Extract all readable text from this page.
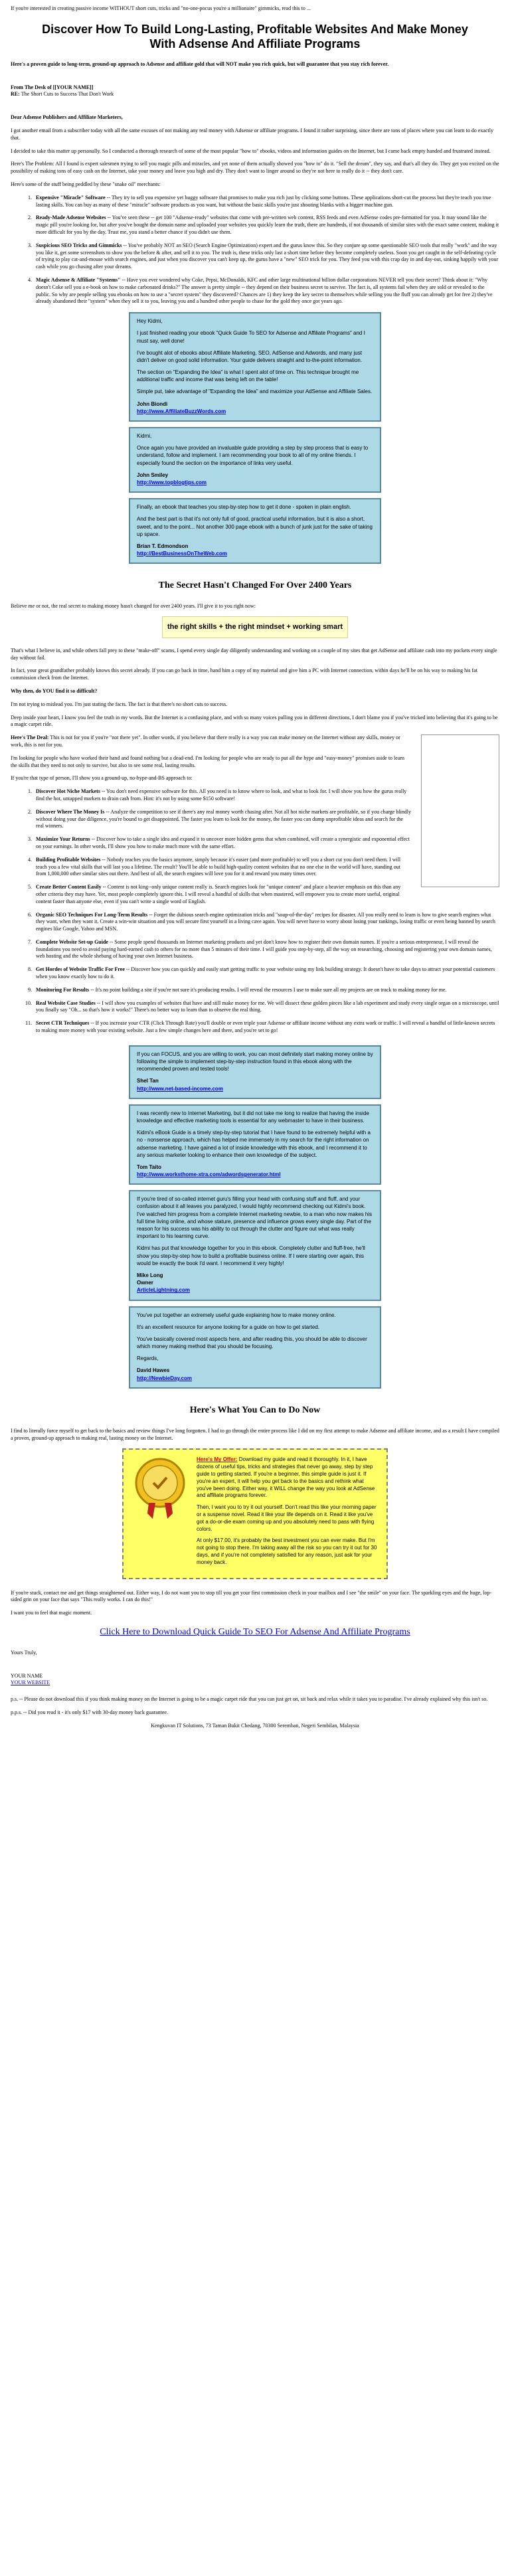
If you're interested in creating passive income WITHOUT short cuts, tricks and "no-one-pocus you're a millionaire" gimmicks, read this to ...

Discover How To Build Long-Lasting, Profitable Websites And Make Money With Adsense And Affiliate Programs

Here's a proven guide to long-term, ground-up approach to Adsense and affiliate gold that will NOT make you rich quick, but will guarantee that you stay rich forever.

From The Desk of [[YOUR NAME]]
RE: The Short Cuts to Success That Don't Work

Dear Adsense Publishers and Affiliate Marketers,

I got another email from a subscriber today with all the same excuses of not making any real money with Adsense or affiliate programs. I found it rather surprising, since there are tons of places where you can learn to do exactly that.

I decided to take this matter up personally. So I conducted a thorough research of some of the most popular "how to" ebooks, videos and information guides on the Internet, but I came back empty handed and frustrated instead.

Here's The Problem: All I found is expert salesmen trying to sell you magic pills and miracles, and yet none of them actually showed you "how to" do it. "Sell the dream", they say, and that's all they do. They get you excited on the possibility of making tons of easy cash on the Internet, take your money and leave you high and dry. They don't want to linger around so they're not here to really do it -- they don't care.

Here's some of the stuff being peddled by these "snake oil" merchants:

1. Expensive "Miracle" Software -- They try to sell you expensive yet buggy software that promises to make you rich just by clicking some buttons. These applications short-cut the process but they're teach you true lasting skills. You can buy as many of these "miracle" software products as you want, but without the basic skills you're just shooting blanks with a bigger machine gun.
2. Ready-Made Adsense Websites -- You've seen these -- get 100 "Adsense-ready" websites that come with pre-written web content, RSS feeds and even AdSense codes pre-formatted for you. It may sound like the magic pill you're looking for, but after you've bought the domain name and uploaded your websites you quickly learn the truth, there are hundreds, if not thousands of similar sites with the exact same content, making it more difficult for you by the day. Trust me, you stand a better chance if you didn't use them.
3. Suspicious SEO Tricks and Gimmicks -- You've probably NOT an SEO (Search Engine Optimization) expert and the gurus know this. So they conjure up some questionable SEO tools that really "work" and the way you like it, get some screenshots to show you the before & after, and sell it to you. The truth is, these tricks only last a short time before they become completely useless. Soon you get caught in the self-defeating cycle of trying to play cat-and-mouse with search engines, and just when you discover you can't keep up, the gurus have a "new" SEO trick for you. They feed you with this crap day in and day-out, sinking happily with your cash while you go chasing after your dreams.
4. Magic Adsense & Affiliate "Systems" -- Have you ever wondered why Coke, Pepsi, McDonalds, KFC and other large multinational billion dollar corporations NEVER tell you their secret? Think about it: "Why doesn't Coke sell you a e-book on how to make carbonated drinks?" The answer is pretty simple -- they depend on their business secret to survive. The fact is, all systems fail when they are sold or revealed to the public. So why are people selling you ebooks on how to use a "secret system" they discovered? Chances are 1) they keep the key secret to themselves while selling you the fluff you can already get for free 2) they've already abandoned their "system" when they sell it to you, leaving you and a hundred other people to chase for the gold they once got years ago.

Hey Kidmi,

I just finished reading your ebook "Quick Guide To SEO for Adsense and Affiliate Programs" and I must say, well done!

I've bought alot of ebooks about Affiliate Marketing, SEO, AdSense and Adwords, and many just didn't deliver on good solid information. Your guide delivers straight and to-the-point information.

The section on "Expanding the Idea" is what I spent alot of time on. This technique brought me additional traffic and income that was being left on the table!

Simple put, take advantage of "Expanding the Idea" and maximize your AdSense and Affiliate Sales.

John Biondi

http://www.AffiliateBuzzWords.com

Kidmi,

Once again you have provided an invaluable guide providing a step by step process that is easy to understand, follow and implement. I am recommending your book to all of my online friends. I especially found the section on the importance of links very useful.

John Smiley

http://www.topblogtips.com

Finally, an ebook that teaches you step-by-step how to get it done - spoken in plain english.

And the best part is that it's not only full of good, practical useful information, but it is also a short, sweet, and to the point... Not another 300 page ebook with a bunch of junk just for the sake of taking up space.

Brian T. Edmondson

http://BestBusinessOnTheWeb.com
The Secret Hasn't Changed For Over 2400 Years

Believe me or not, the real secret to making money hasn't changed for over 2400 years. I'll give it to you right now:

the right skills + the right mindset + working smart

That's what I believe in, and while others fall prey to these "make-off" scams, I spend every single day diligently understanding and working on a couple of my sites that get AdSense and affiliate cash into my pockets every single day without fail.

In fact, your great grandfather probably knows this secret already. If you can go back in time, hand him a copy of my material and give him a PC with Internet connection, within days he'll be on his way to making his fat commission check from the Internet.

Why then, do YOU find it so difficult?

I'm not trying to mislead you. I'm just stating the facts. The fact is that there's no short cuts to success.

Deep inside your heart, I know you feel the truth in my words. But the Internet is a confusing place, and with so many voices pulling you in different directions, I don't blame you if you've tricked into believing that it's going to be a magic carpet ride.

Here's The Deal: This is not for you if you're "not there yet". In other words, if you believe that there really is a way you can make money on the Internet without any skills, money or work, this is not for you.

I'm looking for people who have worked their hand and found nothing but a dead-end. I'm looking for people who are ready to put all the hype and "easy-money" promises aside to learn the skills that they need to not only to survive, but also to see some real, lasting results.

If you're that type of person, I'll show you a ground-up, no-hype-and-BS approach to:

1. Discover Hot Niche Markets -- You don't need expensive software for this. All you need is to know where to look, and what to look for. I will show you how the gurus really find the hot, untapped markets to drain cash from. Hint: it's not by using some $150 software!
2. Discover Where The Money Is -- Analyze the competition to see if there's any real money worth chasing after. Not all hot niche markets are profitable, so if you charge blindly without doing your due diligence, you're bound to get disappointed. The faster you learn to look for the money, the faster you can dump unprofitable ideas and search for the real winners.
3. Maximize Your Returns -- Discover how to take a single idea and expand it to uncover more hidden gems that when combined, will create a synergistic and exponential effect on your earnings. In other words, I'll show you how to make much more with the same effort.
4. Building Profitable Websites -- Nobody teaches you the basics anymore, simply because it's easier (and more profitable) to sell you a short cut you don't need them. I will teach you a few vital skills that will last you a lifetime. The result? You'll be able to build high-quality content websites that no one else in the world will have, standing out from 1,000,000 other similar sites out there. And best of all, the search engines will love you for it and reward you many times over.
5. Create Better Content Easily -- Content is not king--only unique content really is. Search engines look for "unique content" and place a heavier emphasis on this than any other criteria they may have. Yet, most people completely ignore this. I will reveal a handful of skills that when mastered, will empower you to create more useful, original content faster than anyone else, even if you can't write a single word of English.
6. Organic SEO Techniques For Long-Term Results -- Forget the dubious search engine optimization tricks and "soup-of-the-day" recipes for disaster. All you really need to learn is how to give search engines what they want, when they want it. Create a win-win situation and you will secure first yourself in a living cave again. You will never have to worry about losing your rankings, losing traffic or even being banned by search engines like Google, Yahoo and MSN.
7. Complete Website Set-up Guide -- Some people spend thousands on Internet marketing products and yet don't know how to register their own domain names. If you're a serious entrepreneur, I will reveal the foundations you need to avoid paying hard-earned cash to others for no more than 5 minutes of their time. I will guide you step-by-step, all the way on researching, choosing and registering your own domain names, web hosting and the whole shebang of having your own Internet business.
8. Get Hordes of Website Traffic For Free -- Discover how you can quickly and easily start getting traffic to your website using my link building strategy. It doesn't have to take days to attract your potential customers when you know exactly how to do it.
9. Monitoring For Results -- It's no point building a site if you're not sure it's producing results. I will reveal the resources I use to make sure all my projects are on track to making money for me.
10. Real Website Case Studies -- I will show you examples of websites that have and still make money for me. We will dissect these golden pieces like a lab experiment and study every single organ on a microscope, until you finally say "Oh... so that's how it works!" There's no better way to learn than to observe the real thing.
11. Secret CTR Techniques -- If you increase your CTR (Click Through Rate) you'll double or even triple your Adsense or affiliate income without any extra work or traffic. I will reveal a handful of little-known secrets to making more money with your existing website. Just a few simple changes here and there, and you're set to go!

If you can FOCUS, and you are willing to work, you can most definitely start making money online by following the simple to implement step-by-step instruction found in this ebook along with the recommended proven and tested tools!

Shel Tan

http://www.net-based-income.com

I was recently new to Internet Marketing, but it did not take me long to realize that having the inside knowledge and effective marketing tools is essential for any webmaster to have in their business.

Kidmi's eBook Guide is a timely step-by-step tutorial that I have found to be extremely helpful with a no - nonsense approach, which has helped me immensely in my search for the right information on adsense marketing. I have gained a lot of inside knowledge with this ebook, and I recommend it to any serious marketer looking to enhance their own knowledge of the subject.

Tom Taito

http://www.worksthome-xtra.com/adwordsgenerator.html

If you're tired of so-called internet guru's filling your head with confusing stuff and fluff, and your confusion about it all leaves you paralyzed, I would highly recommend checking out Kidmi's book. I've watched him progress from a complete Internet marketing newbie, to a man who now makes his full time living online, and whose stature, presence and influence grows every single day. Part of the reason for his success was his ability to cut through the clutter and figure out what was really important to his learning curve.

Kidmi has put that knowledge together for you in this ebook. Completely clutter and fluff-free, he'll show you step-by-step how to build a profitable business online. If I were starting over again, this would be exactly the book I'd want. I recommend it very highly!

Mike Long

Owner

ArticleLightning.com

You've put together an extremely useful guide explaining how to make money online.

It's an excellent resource for anyone looking for a guide on how to get started.

You've basically covered most aspects here, and after reading this, you should be able to discover which money making method that you should be focusing.

Regards,

David Hawes

http://NewbieDay.com
Here's What You Can to Do Now

I find to literally force myself to get back to the basics and review things I've long forgotten. I had to go through the entire process like I did on my first attempt to make Adsense and affiliate income, and as a result I have compiled a proven, ground-up approach to making real, lasting money on the Internet.

Here's My Offer: Download my guide and read it thoroughly. In it, I have dozens of useful tips, tricks and strategies that never go away, step by step guide to getting started. If you're a beginner, this simple guide is just it. If you're an expert, it will help you get back to the basics and rethink what you've been doing. Either way, it WILL change the way you look at AdSense and affiliate programs forever.

Then, I want you to try it out yourself. Don't read this like your morning paper or a suspense novel. Read it like your life depends on it. Read it like you've got a do-or-die exam coming up and you absolutely need to pass with flying colors.

At only $17.00, it's probably the best investment you can ever make. But I'm not going to stop there. I'm taking away all the risk so you can try it out for 30 days, and if you're not completely satisfied for any reason, just ask for your money back.

If you're stuck, contact me and get things straightened out. Either way, I do not want you to stop till you get your first commission check in your mailbox and I see "the smile" on your face. The sparkling eyes and the huge, lop-sided grin on your face that says "This really works. I can do this!"

I want you to feel that magic moment.

Click Here to Download Quick Guide To SEO For Adsense And Affiliate Programs
Yours Truly,
YOUR NAME
YOUR WEBSITE

p.s. -- Please do not download this if you think making money on the Internet is going to be a magic carpet ride that you can just get on, sit back and relax while it takes you to paradise. I've already explained why this isn't so.

p.p.s. -- Did you read it - it's only $17 with 30-day money back guarantee.

Kengkuvan IT Solutions, 73 Taman Bukit Chedang, 70300 Seremban, Negeri Sembilan, Malaysia
